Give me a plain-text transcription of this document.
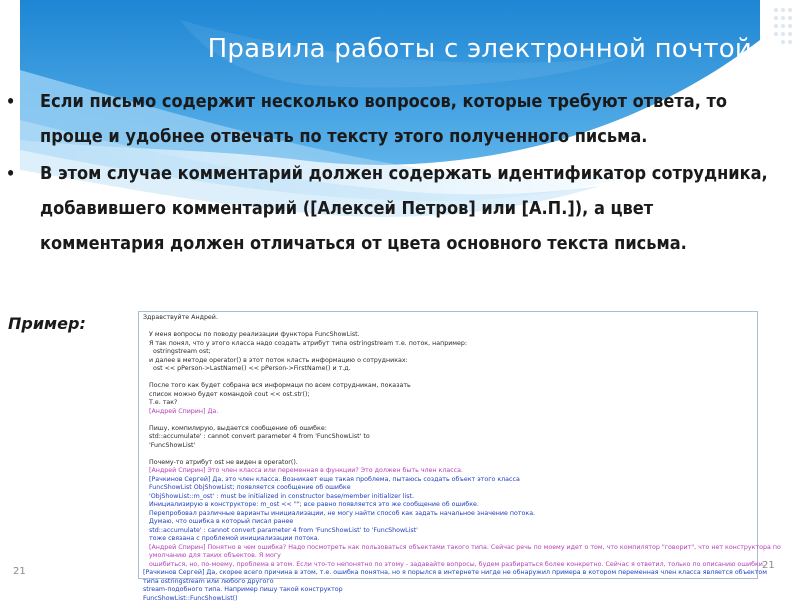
Правила работы с электронной почтой
• Если письмо содержит несколько вопросов, которые требуют ответа, то проще и удобнее отвечать по тексту этого полученного письма.
• В этом случае комментарий должен содержать идентификатор сотрудника, добавившего комментарий ([Алексей Петров] или [А.П.]), а цвет комментария должен отличаться от цвета основного текста письма.
Пример:	Здравствуйте Андрей.
У меня вопросы по поводу реализации функтора FuncShowList.
Я так понял, что у этого класса надо создать атрибут типа ostringstream т.е. поток, например:
ostringstream ost;
и далее в методе operator() в этот поток класть информацию о сотрудниках:
ost << pPerson->LastName() << pPerson->FirstName() и т.д.
После того как будет собрана вся информаци по всем сотрудникам, показать
список можно будет командой cout << ost.str();
Т.е. так?
[Андрей Спирин] Да.
Пишу, компилирую, выдается сообщение об ошибке:
std::accumulate' : cannot convert parameter 4 from 'FuncShowList' to
'FuncShowList'
Почему-то атрибут ost не виден в operator().
[Андрей Спирин] Это член класса или переменная в функции? Это должен быть член класса.
[Рачкинов Сергей] Да, это член класса. Возникает еще такая проблема, пытаюсь создать объект этого класса
FuncShowList ObjShowList; появляется сообщение об ошибке
'ObjShowList::m_ost' : must be initialized in constructor base/member initializer list.
Инициализирую в конструкторе: m_ost << ""; все равно появляется это же сообщение об ошибке.
Перепробовал различные варианты инициализации, не могу найти способ как задать начальное значение потока.
Думаю, что ошибка в который писал ранее
std::accumulate' : cannot convert parameter 4 from 'FuncShowList' to 'FuncShowList'
тоже связана с проблемой инициализации потока.
[Андрей Спирин] Понятно в чем ошибка? Надо посмотреть как пользоваться объектами такого типа. Сейчас речь по моему идет о том, что компилятор "говорит", что нет конструктора по
умолчанию для таких объектов. Я могу
ошибиться, но, по-моему, проблема в этом. Если что-то непонятно по этому - задавайте вопросы, будем разбираться более конкретно. Сейчас я ответил, только по описанию ошибки.
[Рачкинов Сергей] Да, скорее всего причина в этом, т.е. ошибка понятна, но я порылся в интернете нигде не обнаружил примера в котором переменная член класса является объектом
типа ostringstream или любого другого
stream-подобного типа. Например пишу такой конструктор
FuncShowList::FuncShowList()
21
21
